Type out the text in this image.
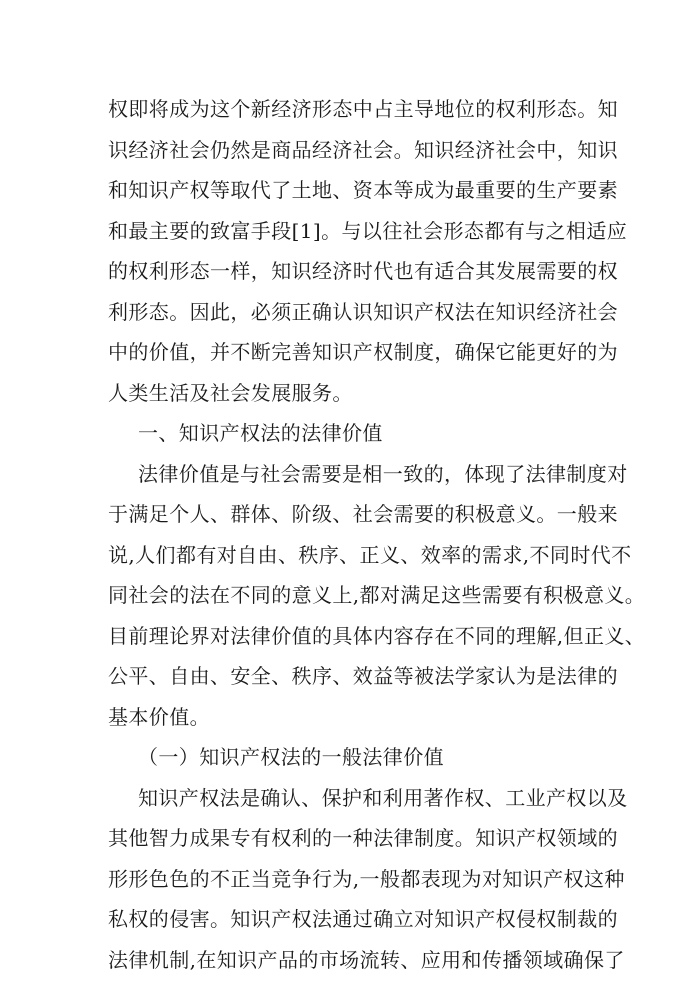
权即将成为这个新经济形态中占主导地位的权利形态。知
识经济社会仍然是商品经济社会。知识经济社会中，知识
和知识产权等取代了土地、资本等成为最重要的生产要素
和最主要的致富手段[1]。与以往社会形态都有与之相适应
的权利形态一样，知识经济时代也有适合其发展需要的权
利形态。因此，必须正确认识知识产权法在知识经济社会
中的价值，并不断完善知识产权制度，确保它能更好的为
人类生活及社会发展服务。
一、知识产权法的法律价值
法律价值是与社会需要是相一致的，体现了法律制度对
于满足个人、群体、阶级、社会需要的积极意义。一般来
说,人们都有对自由、秩序、正义、效率的需求,不同时代不
同社会的法在不同的意义上,都对满足这些需要有积极意义。
目前理论界对法律价值的具体内容存在不同的理解,但正义、
公平、自由、安全、秩序、效益等被法学家认为是法律的
基本价值。
（一）知识产权法的一般法律价值
知识产权法是确认、保护和利用著作权、工业产权以及
其他智力成果专有权利的一种法律制度。知识产权领域的
形形色色的不正当竞争行为,一般都表现为对知识产权这种
私权的侵害。知识产权法通过确立对知识产权侵权制裁的
法律机制,在知识产品的市场流转、应用和传播领域确保了
